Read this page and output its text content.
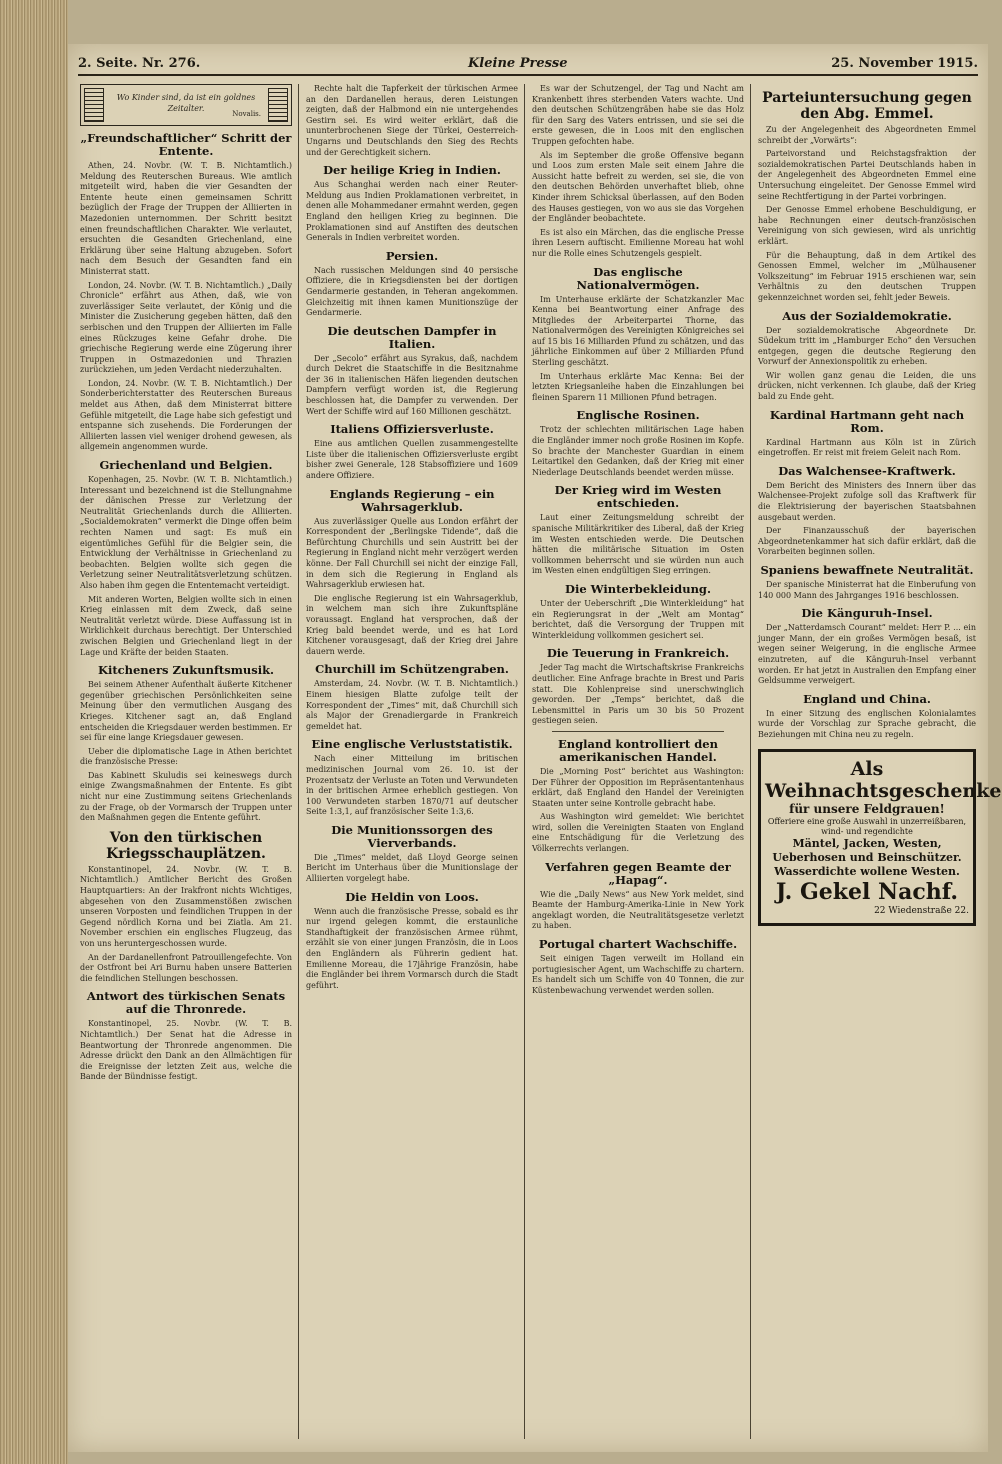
2. Seite. Nr. 276.	Kleine Presse	25. November 1915.
Wo Kinder sind, da ist ein goldnes Zeitalter.
Novalis.
„Freundschaftlicher“ Schritt der Entente.

Athen, 24. Novbr. (W. T. B. Nichtamtlich.) Meldung des Reuterschen Bureaus. Wie amtlich mitgeteilt wird, haben die vier Gesandten der Entente heute einen gemeinsamen Schritt bezüglich der Frage der Truppen der Alliierten in Mazedonien unternommen. Der Schritt besitzt einen freundschaftlichen Charakter. Wie verlautet, ersuchten die Gesandten Griechenland, eine Erklärung über seine Haltung abzugeben. Sofort nach dem Besuch der Gesandten fand ein Ministerrat statt.

London, 24. Novbr. (W. T. B. Nichtamtlich.) „Daily Chronicle“ erfährt aus Athen, daß, wie von zuverlässiger Seite verlautet, der König und die Minister die Zusicherung gegeben hätten, daß den serbischen und den Truppen der Alliierten im Falle eines Rückzuges keine Gefahr drohe. Die griechische Regierung werde eine Zügerung ihrer Truppen in Ostmazedonien und Thrazien zurückziehen, um jeden Verdacht niederzuhalten.

London, 24. Novbr. (W. T. B. Nichtamtlich.) Der Sonderberichterstatter des Reuterschen Bureaus meldet aus Athen, daß dem Ministerrat bittere Gefühle mitgeteilt, die Lage habe sich gefestigt und entspanne sich zusehends. Die Forderungen der Alliierten lassen viel weniger drohend gewesen, als allgemein angenommen wurde.

Griechenland und Belgien.

Kopenhagen, 25. Novbr. (W. T. B. Nichtamtlich.) Interessant und bezeichnend ist die Stellungnahme der dänischen Presse zur Verletzung der Neutralität Griechenlands durch die Alliierten. „Socialdemokraten“ vermerkt die Dinge offen beim rechten Namen und sagt: Es muß ein eigentümliches Gefühl für die Belgier sein, die Entwicklung der Verhältnisse in Griechenland zu beobachten. Belgien wollte sich gegen die Verletzung seiner Neutralitätsverletzung schützen. Also haben ihm gegen die Ententemacht verteidigt.

Mit anderen Worten, Belgien wollte sich in einen Krieg einlassen mit dem Zweck, daß seine Neutralität verletzt würde. Diese Auffassung ist in Wirklichkeit durchaus berechtigt. Der Unterschied zwischen Belgien und Griechenland liegt in der Lage und Kräfte der beiden Staaten.

Kitcheners Zukunftsmusik.

Bei seinem Athener Aufenthalt äußerte Kitchener gegenüber griechischen Persönlichkeiten seine Meinung über den vermutlichen Ausgang des Krieges. Kitchener sagt an, daß England entscheiden die Kriegsdauer werden bestimmen. Er sei für eine lange Kriegsdauer gewesen.

Ueber die diplomatische Lage in Athen berichtet die französische Presse:

Das Kabinett Skuludis sei keineswegs durch einige Zwangsmaßnahmen der Entente. Es gibt nicht nur eine Zustimmung seitens Griechenlands zu der Frage, ob der Vormarsch der Truppen unter den Maßnahmen gegen die Entente geführt.

Von den türkischen Kriegsschauplätzen.

Konstantinopel, 24. Novbr. (W. T. B. Nichtamtlich.) Amtlicher Bericht des Großen Hauptquartiers: An der Irakfront nichts Wichtiges, abgesehen von den Zusammenstößen zwischen unseren Vorposten und feindlichen Truppen in der Gegend nördlich Korna und bei Ziatla. Am 21. November erschien ein englisches Flugzeug, das von uns heruntergeschossen wurde.

An der Dardanellenfront Patrouillengefechte. Von der Ostfront bei Ari Burnu haben unsere Batterien die feindlichen Stellungen beschossen.

Antwort des türkischen Senats auf die Thronrede.

Konstantinopel, 25. Novbr. (W. T. B. Nichtamtlich.) Der Senat hat die Adresse in Beantwortung der Thronrede angenommen. Die Adresse drückt den Dank an den Allmächtigen für die Ereignisse der letzten Zeit aus, welche die Bande der Bündnisse festigt.

Rechte halt die Tapferkeit der türkischen Armee an den Dardanellen heraus, deren Leistungen zeigten, daß der Halbmond ein nie untergehendes Gestirn sei. Es wird weiter erklärt, daß die ununterbrochenen Siege der Türkei, Oesterreich-Ungarns und Deutschlands den Sieg des Rechts und der Gerechtigkeit sichern.

Der heilige Krieg in Indien.

Aus Schanghai werden nach einer Reuter-Meldung aus Indien Proklamationen verbreitet, in denen alle Mohammedaner ermahnt werden, gegen England den heiligen Krieg zu beginnen. Die Proklamationen sind auf Anstiften des deutschen Generals in Indien verbreitet worden.

Persien.

Nach russischen Meldungen sind 40 persische Offiziere, die in Kriegsdiensten bei der dortigen Gendarmerie gestanden, in Teheran angekommen. Gleichzeitig mit ihnen kamen Munitionszüge der Gendarmerie.

Die deutschen Dampfer in Italien.

Der „Secolo“ erfährt aus Syrakus, daß, nachdem durch Dekret die Staatschiffe in die Besitznahme der 36 in italienischen Häfen liegenden deutschen Dampfern verfügt worden ist, die Regierung beschlossen hat, die Dampfer zu verwenden. Der Wert der Schiffe wird auf 160 Millionen geschätzt.

Italiens Offiziersverluste.

Eine aus amtlichen Quellen zusammengestellte Liste über die italienischen Offiziersverluste ergibt bisher zwei Generale, 128 Stabsoffiziere und 1609 andere Offiziere.

Englands Regierung – ein Wahrsagerklub.

Aus zuverlässiger Quelle aus London erfährt der Korrespondent der „Berlingske Tidende“, daß die Befürchtung Churchills und sein Austritt bei der Regierung in England nicht mehr verzögert werden könne. Der Fall Churchill sei nicht der einzige Fall, in dem sich die Regierung in England als Wahrsagerklub erwiesen hat.

Die englische Regierung ist ein Wahrsagerklub, in welchem man sich ihre Zukunftspläne voraussagt. England hat versprochen, daß der Krieg bald beendet werde, und es hat Lord Kitchener vorausgesagt, daß der Krieg drei Jahre dauern werde.

Churchill im Schützengraben.

Amsterdam, 24. Novbr. (W. T. B. Nichtamtlich.) Einem hiesigen Blatte zufolge teilt der Korrespondent der „Times“ mit, daß Churchill sich als Major der Grenadiergarde in Frankreich gemeldet hat.

Eine englische Verluststatistik.

Nach einer Mitteilung im britischen medizinischen Journal vom 26. 10. ist der Prozentsatz der Verluste an Toten und Verwundeten in der britischen Armee erheblich gestiegen. Von 100 Verwundeten starben 1870/71 auf deutscher Seite 1:3,1, auf französischer Seite 1:3,6.

Die Munitionssorgen des Vierverbands.

Die „Times“ meldet, daß Lloyd George seinen Bericht im Unterhaus über die Munitionslage der Alliierten vorgelegt habe.

Die Heldin von Loos.

Wenn auch die französische Presse, sobald es ihr nur irgend gelegen kommt, die erstaunliche Standhaftigkeit der französischen Armee rühmt, erzählt sie von einer jungen Französin, die in Loos den Engländern als Führerin gedient hat. Emilienne Moreau, die 17jährige Französin, habe die Engländer bei ihrem Vormarsch durch die Stadt geführt.

Es war der Schutzengel, der Tag und Nacht am Krankenbett ihres sterbenden Vaters wachte. Und den deutschen Schützengräben habe sie das Holz für den Sarg des Vaters entrissen, und sie sei die erste gewesen, die in Loos mit den englischen Truppen gefochten habe.

Als im September die große Offensive begann und Loos zum ersten Male seit einem Jahre die Aussicht hatte befreit zu werden, sei sie, die von den deutschen Behörden unverhaftet blieb, ohne Kinder ihrem Schicksal überlassen, auf den Boden des Hauses gestiegen, von wo aus sie das Vorgehen der Engländer beobachtete.

Es ist also ein Märchen, das die englische Presse ihren Lesern auftischt. Emilienne Moreau hat wohl nur die Rolle eines Schutzengels gespielt.

Das englische Nationalvermögen.

Im Unterhause erklärte der Schatzkanzler Mac Kenna bei Beantwortung einer Anfrage des Mitgliedes der Arbeiterpartei Thorne, das Nationalvermögen des Vereinigten Königreiches sei auf 15 bis 16 Milliarden Pfund zu schätzen, und das jährliche Einkommen auf über 2 Milliarden Pfund Sterling geschätzt.

Im Unterhaus erklärte Mac Kenna: Bei der letzten Kriegsanleihe haben die Einzahlungen bei fleinen Sparern 11 Millionen Pfund betragen.

Englische Rosinen.

Trotz der schlechten militärischen Lage haben die Engländer immer noch große Rosinen im Kopfe. So brachte der Manchester Guardian in einem Leitartikel den Gedanken, daß der Krieg mit einer Niederlage Deutschlands beendet werden müsse.

Der Krieg wird im Westen entschieden.

Laut einer Zeitungsmeldung schreibt der spanische Militärkritiker des Liberal, daß der Krieg im Westen entschieden werde. Die Deutschen hätten die militärische Situation im Osten vollkommen beherrscht und sie würden nun auch im Westen einen endgültigen Sieg erringen.

Die Winterbekleidung.

Unter der Ueberschrift „Die Winterkleidung“ hat ein Regierungsrat in der „Welt am Montag“ berichtet, daß die Versorgung der Truppen mit Winterkleidung vollkommen gesichert sei.

Die Teuerung in Frankreich.

Jeder Tag macht die Wirtschaftskrise Frankreichs deutlicher. Eine Anfrage brachte in Brest und Paris statt. Die Kohlenpreise sind unerschwinglich geworden. Der „Temps“ berichtet, daß die Lebensmittel in Paris um 30 bis 50 Prozent gestiegen seien.

England kontrolliert den amerikanischen Handel.

Die „Morning Post“ berichtet aus Washington: Der Führer der Opposition im Repräsentantenhaus erklärt, daß England den Handel der Vereinigten Staaten unter seine Kontrolle gebracht habe.

Aus Washington wird gemeldet: Wie berichtet wird, sollen die Vereinigten Staaten von England eine Entschädigung für die Verletzung des Völkerrechts verlangen.

Verfahren gegen Beamte der „Hapag“.

Wie die „Daily News“ aus New York meldet, sind Beamte der Hamburg-Amerika-Linie in New York angeklagt worden, die Neutralitätsgesetze verletzt zu haben.

Portugal chartert Wachschiffe.

Seit einigen Tagen verweilt im Holland ein portugiesischer Agent, um Wachschiffe zu chartern. Es handelt sich um Schiffe von 40 Tonnen, die zur Küstenbewachung verwendet werden sollen.

Parteiuntersuchung gegen den Abg. Emmel.

Zu der Angelegenheit des Abgeordneten Emmel schreibt der „Vorwärts“:

Parteivorstand und Reichstagsfraktion der sozialdemokratischen Partei Deutschlands haben in der Angelegenheit des Abgeordneten Emmel eine Untersuchung eingeleitet. Der Genosse Emmel wird seine Rechtfertigung in der Partei vorbringen.

Der Genosse Emmel erhobene Beschuldigung, er habe Rechnungen einer deutsch-französischen Vereinigung von sich gewiesen, wird als unrichtig erklärt.

Für die Behauptung, daß in dem Artikel des Genossen Emmel, welcher im „Mülhausener Volkszeitung“ im Februar 1915 erschienen war, sein Verhältnis zu den deutschen Truppen gekennzeichnet worden sei, fehlt jeder Beweis.

Aus der Sozialdemokratie.

Der sozialdemokratische Abgeordnete Dr. Südekum tritt im „Hamburger Echo“ den Versuchen entgegen, gegen die deutsche Regierung den Vorwurf der Annexionspolitik zu erheben.

Wir wollen ganz genau die Leiden, die uns drücken, nicht verkennen. Ich glaube, daß der Krieg bald zu Ende geht.

Kardinal Hartmann geht nach Rom.

Kardinal Hartmann aus Köln ist in Zürich eingetroffen. Er reist mit freiem Geleit nach Rom.

Das Walchensee-Kraftwerk.

Dem Bericht des Ministers des Innern über das Walchensee-Projekt zufolge soll das Kraftwerk für die Elektrisierung der bayerischen Staatsbahnen ausgebaut werden.

Der Finanzausschuß der bayerischen Abgeordnetenkammer hat sich dafür erklärt, daß die Vorarbeiten beginnen sollen.

Spaniens bewaffnete Neutralität.

Der spanische Ministerrat hat die Einberufung von 140 000 Mann des Jahrganges 1916 beschlossen.

Die Känguruh-Insel.

Der „Natterdamsch Courant“ meldet: Herr P. ... ein junger Mann, der ein großes Vermögen besaß, ist wegen seiner Weigerung, in die englische Armee einzutreten, auf die Känguruh-Insel verbannt worden. Er hat jetzt in Australien den Empfang einer Geldsumme verweigert.

England und China.

In einer Sitzung des englischen Kolonialamtes wurde der Vorschlag zur Sprache gebracht, die Beziehungen mit China neu zu regeln.

Als Weihnachtsgeschenke
für unsere Feldgrauen!
Offeriere eine große Auswahl in unzerreißbaren, wind- und regendichte
Mäntel, Jacken, Westen,
Ueberhosen und Beinschützer.
Wasserdichte wollene Westen.
J. Gekel Nachf.
22 Wiedenstraße 22.
